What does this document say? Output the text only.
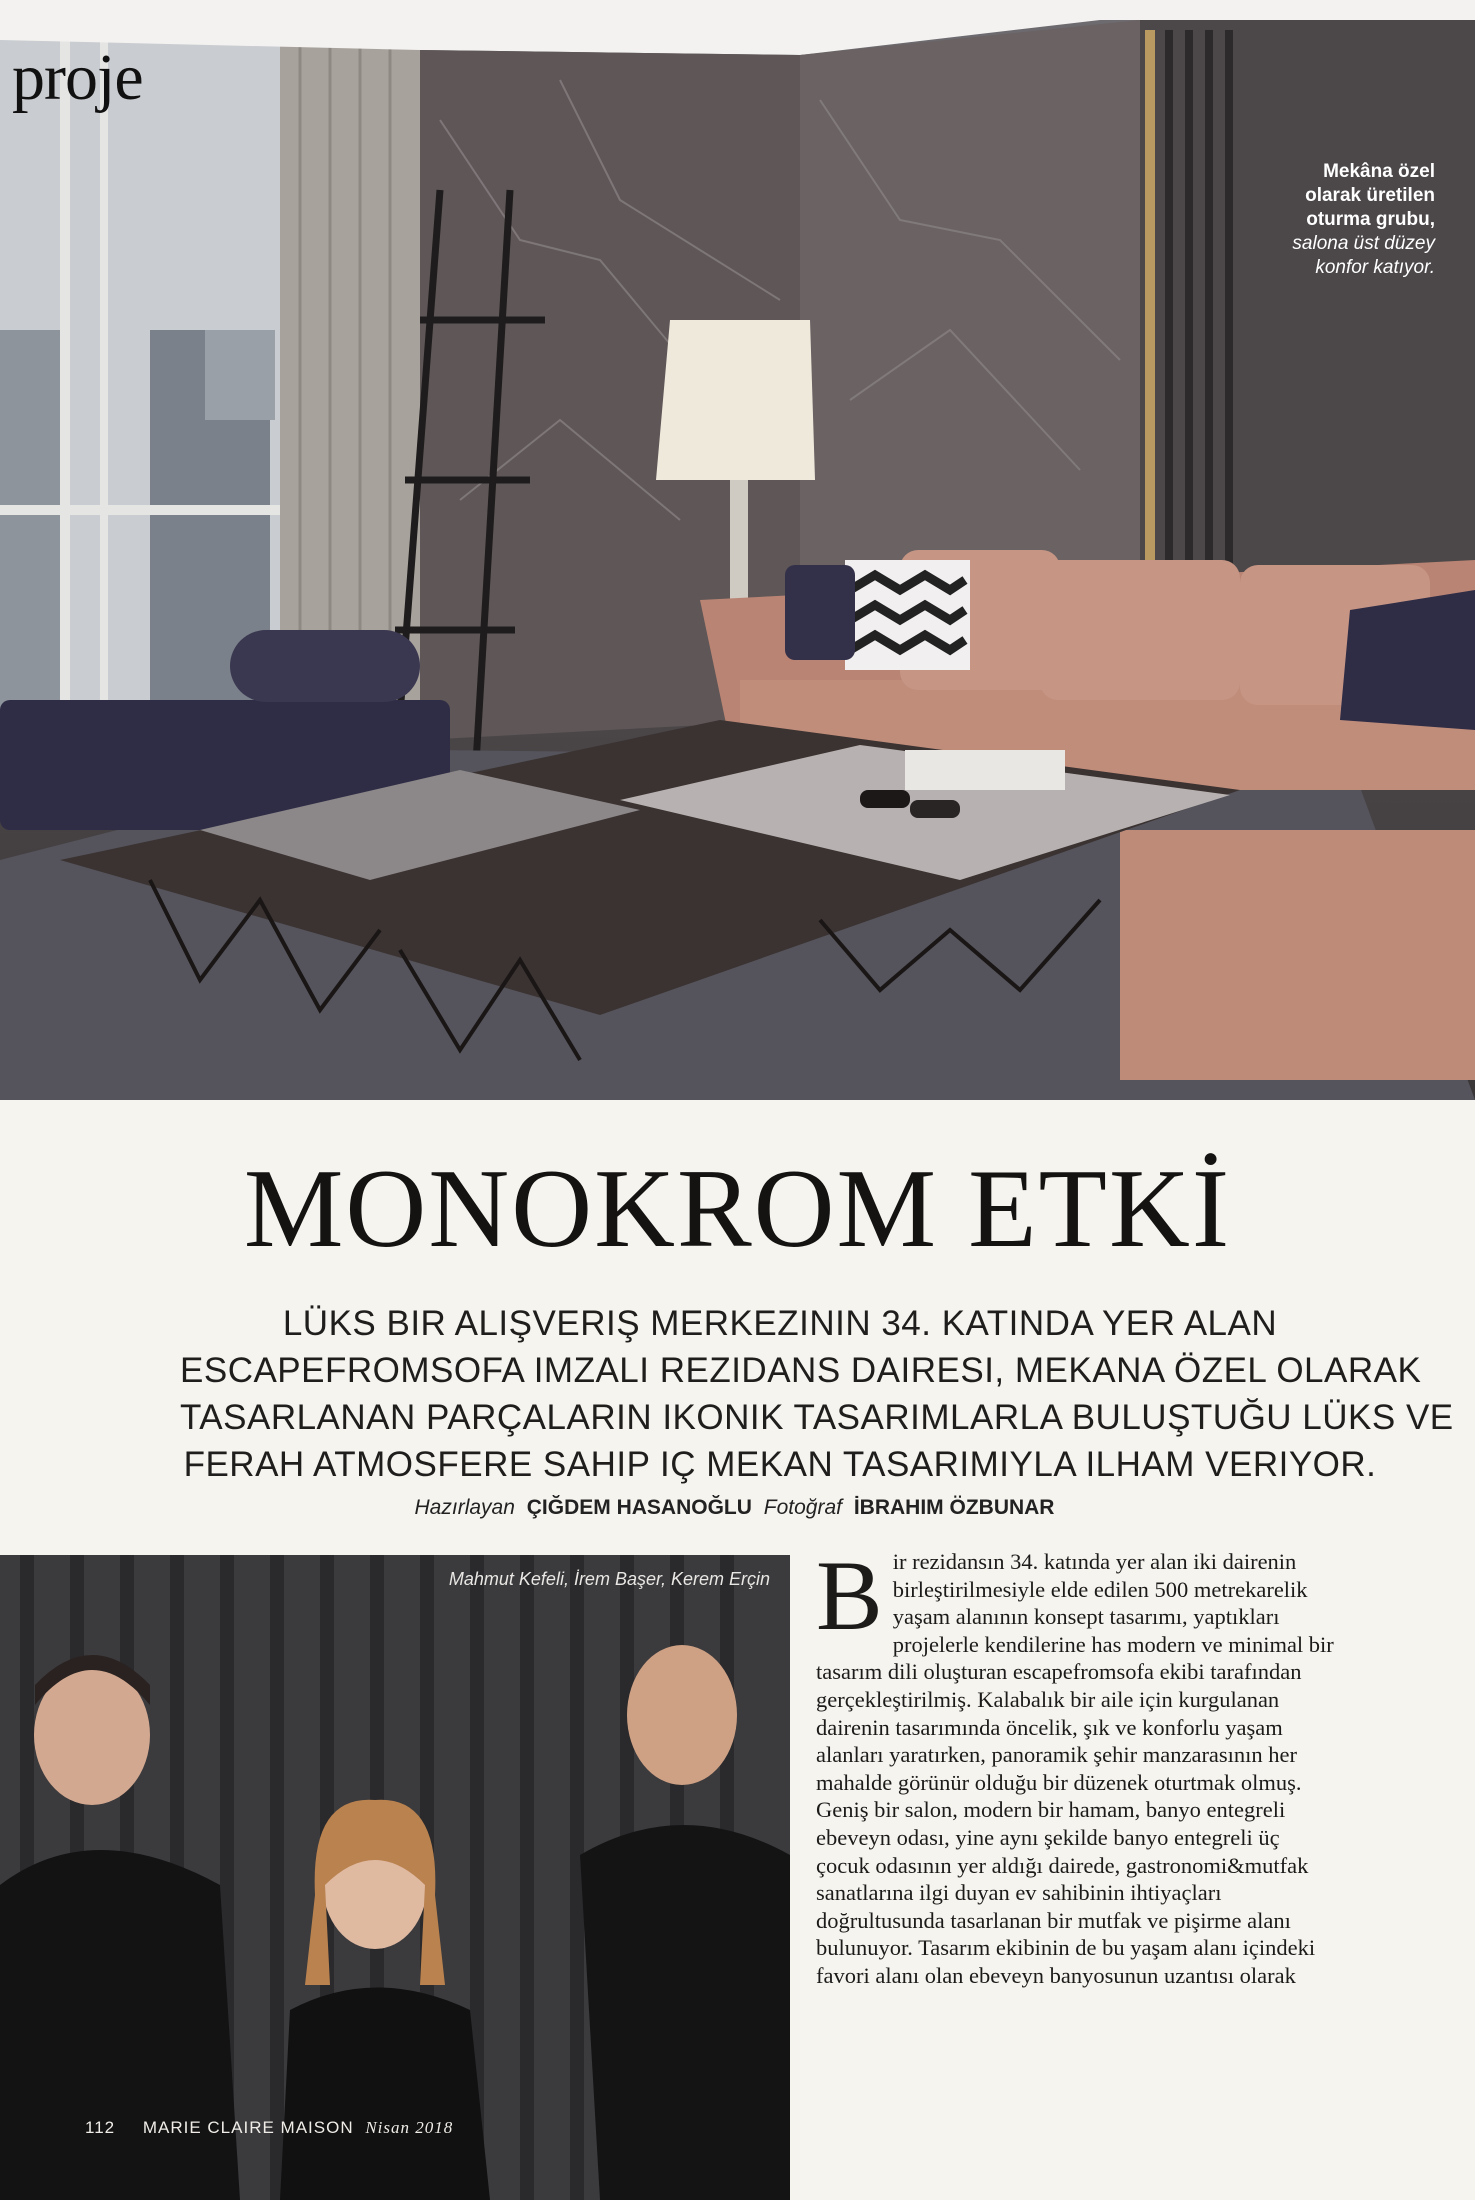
proje
Mekâna özel
olarak üretilen
oturma grubu,
salona üst düzey
konfor katıyor.
MONOKROM ETKİ
LÜKS BIR ALIŞVERIŞ MERKEZININ 34. KATINDA YER ALAN
ESCAPEFROMSOFA IMZALI REZIDANS DAIRESI, MEKANA ÖZEL OLARAK
TASARLANAN PARÇALARIN IKONIK TASARIMLARLA BULUŞTUĞU LÜKS VE
FERAH ATMOSFERE SAHIP IÇ MEKAN TASARIMIYLA ILHAM VERIYOR.
Hazırlayan ÇIĞDEM HASANOĞLU Fotoğraf İBRAHIM ÖZBUNAR
Mahmut Kefeli, İrem Başer, Kerem Erçin B ir rezidansın 34. katında yer alan iki dairenin
birleştirilmesiyle elde edilen 500 metrekarelik
yaşam alanının konsept tasarımı, yaptıkları
projelerle kendilerine has modern ve minimal bir
tasarım dili oluşturan escapefromsofa ekibi tarafından
gerçekleştirilmiş. Kalabalık bir aile için kurgulanan
dairenin tasarımında öncelik, şık ve konforlu yaşam
alanları yaratırken, panoramik şehir manzarasının her
mahalde görünür olduğu bir düzenek oturtmak olmuş.
Geniş bir salon, modern bir hamam, banyo entegreli
ebeveyn odası, yine aynı şekilde banyo entegreli üç
çocuk odasının yer aldığı dairede, gastronomi&mutfak
sanatlarına ilgi duyan ev sahibinin ihtiyaçları
doğrultusunda tasarlanan bir mutfak ve pişirme alanı
bulunuyor. Tasarım ekibinin de bu yaşam alanı içindeki
favori alanı olan ebeveyn banyosunun uzantısı olarak
112 MARIE CLAIRE MAISON Nisan 2018
